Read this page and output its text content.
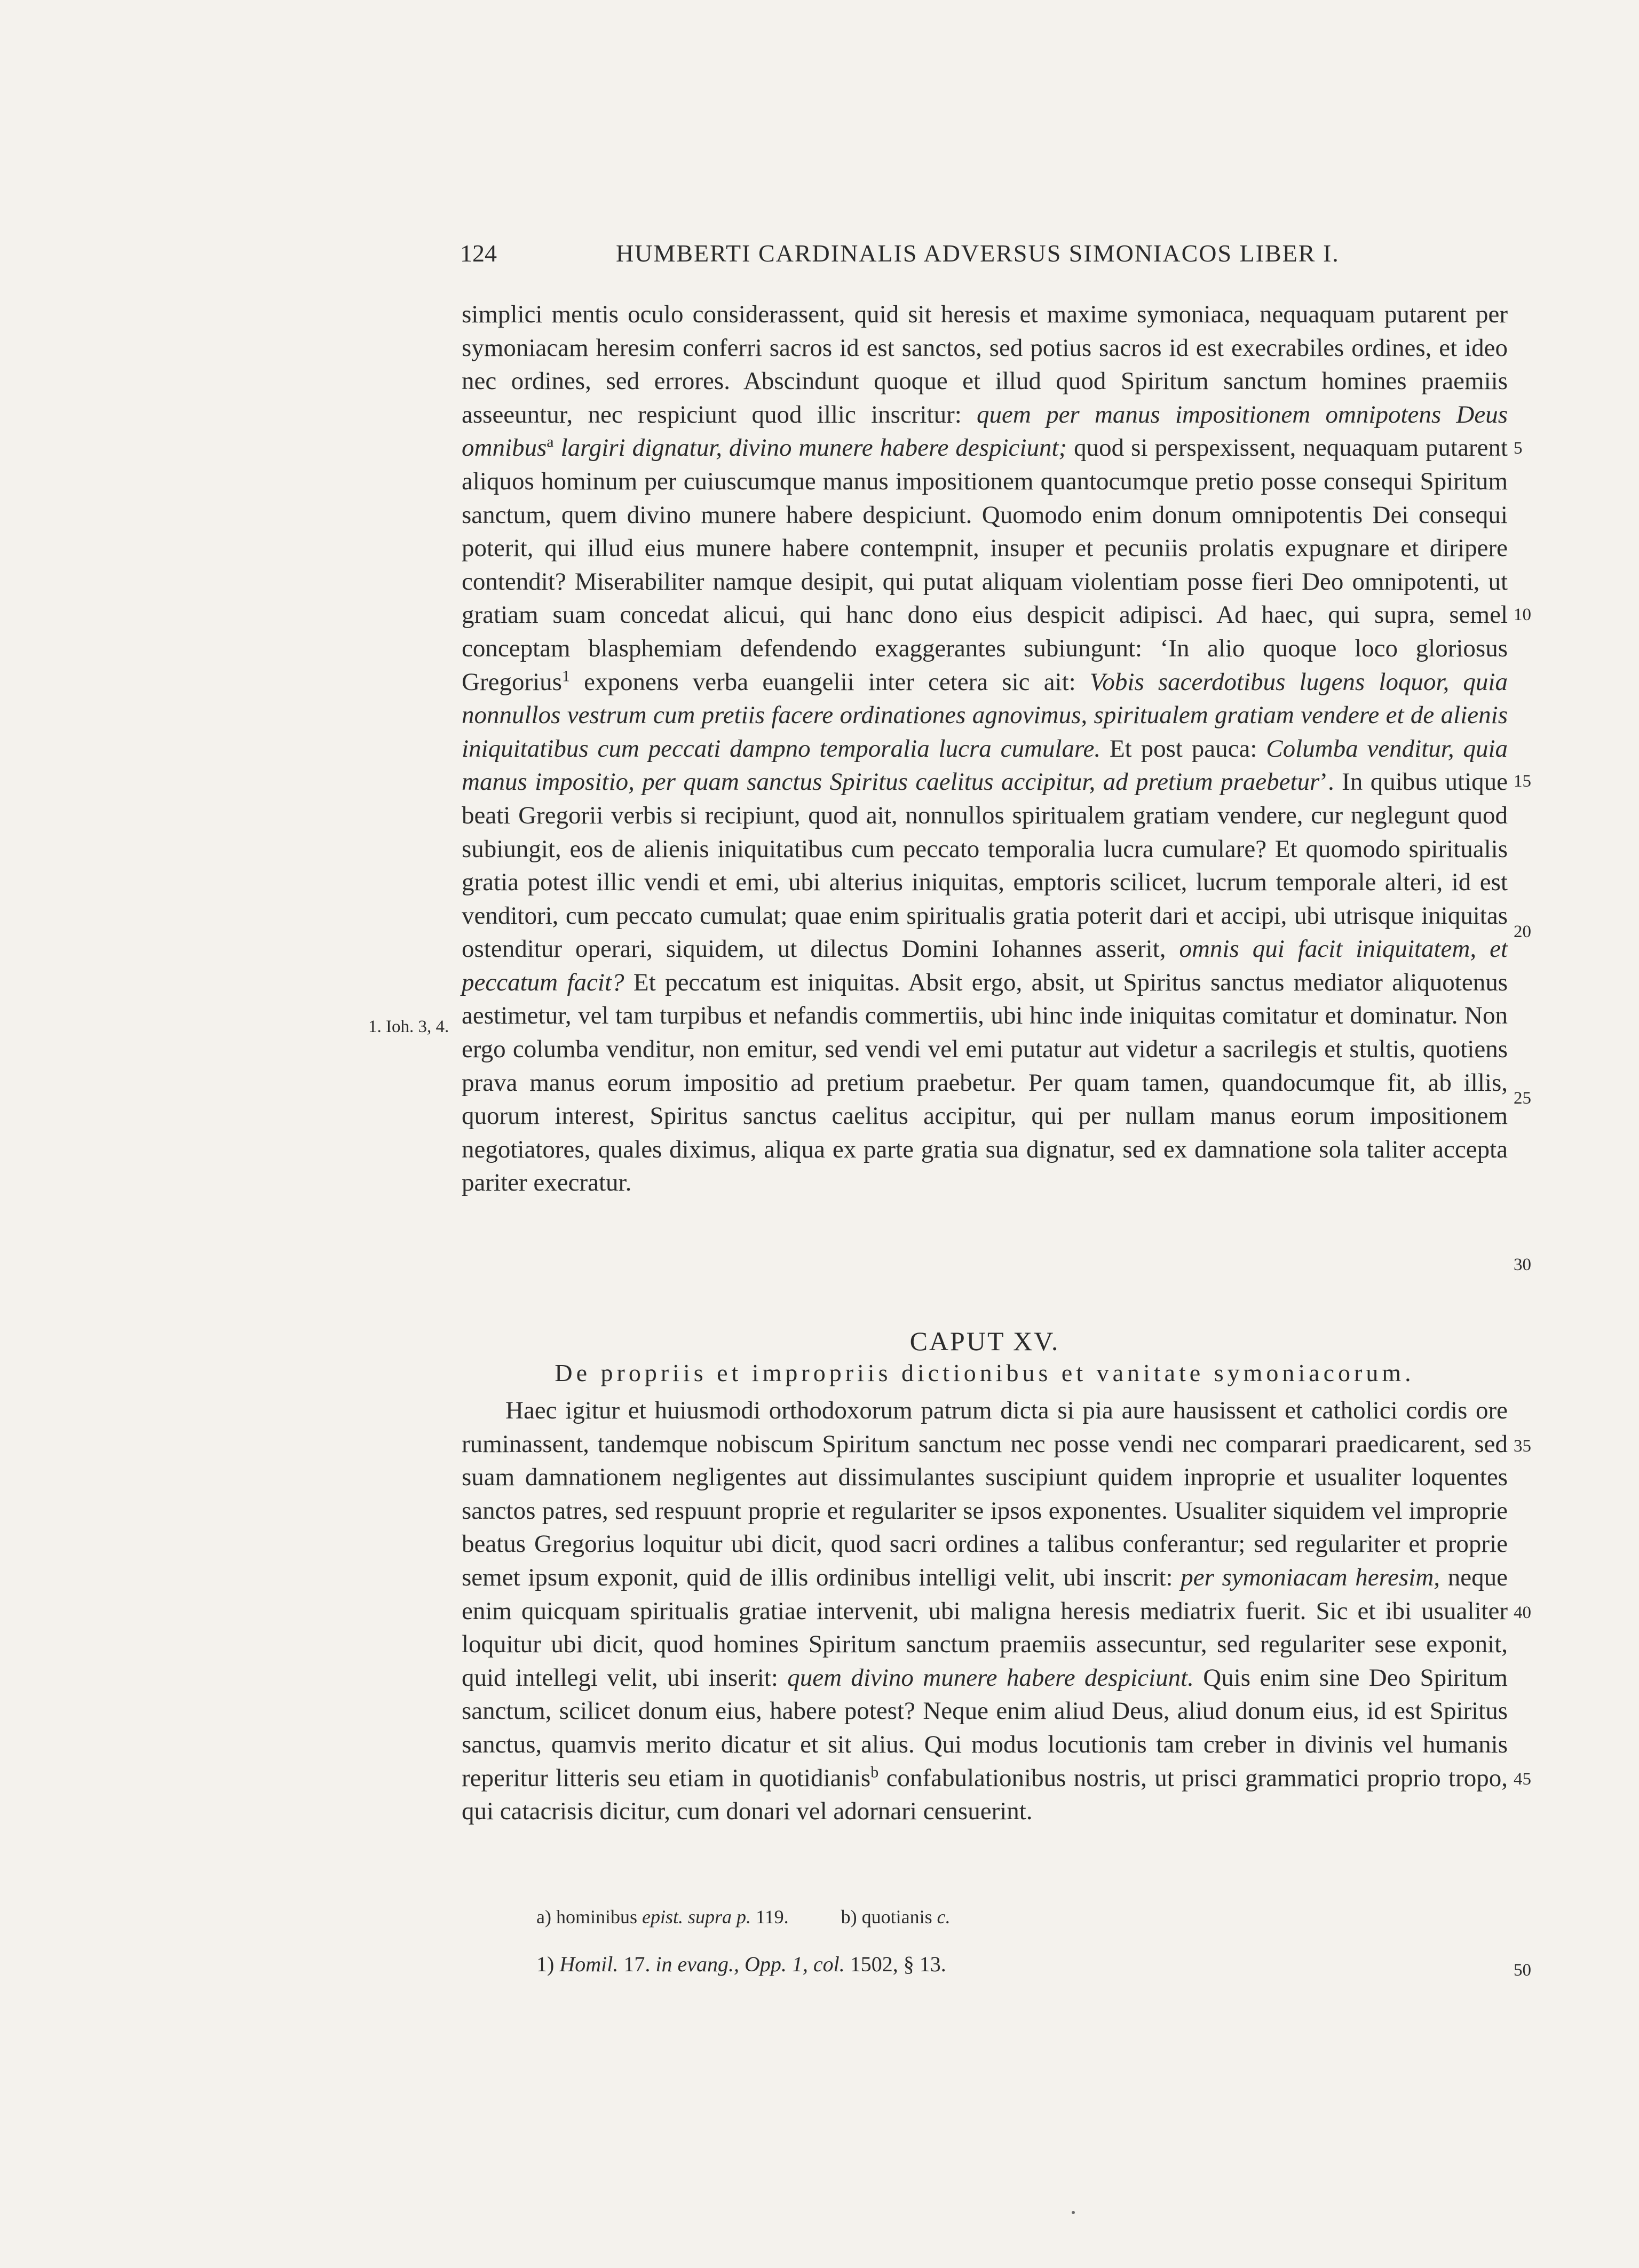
124	HUMBERTI CARDINALIS ADVERSUS SIMONIACOS LIBER I.

simplici mentis oculo considerassent, quid sit heresis et maxime symoniaca, nequaquam putarent per symoniacam heresim conferri sacros id est sanctos, sed potius sacros id est execrabiles ordines, et ideo nec ordines, sed errores. Abscindunt quoque et illud quod Spiritum sanctum homines praemiis asseeuntur, nec respiciunt quod illic inscritur: quem per manus impositionem omnipotens Deus omnibus$^a$ largiri dignatur, divino munere habere despiciunt; quod si perspexissent, nequaquam putarent aliquos hominum per cuiuscumque manus impositionem quantocumque pretio posse consequi Spiritum sanctum, quem divino munere habere despiciunt. Quomodo enim donum omnipotentis Dei consequi poterit, qui illud eius munere habere contempnit, insuper et pecuniis prolatis expugnare et diripere contendit? Miserabiliter namque desipit, qui putat aliquam violentiam posse fieri Deo omnipotenti, ut gratiam suam concedat alicui, qui hanc dono eius despicit adipisci. Ad haec, qui supra, semel conceptam blasphemiam defendendo exaggerantes subiungunt: ‘In alio quoque loco gloriosus Gregorius$^1$ exponens verba euangelii inter cetera sic ait: Vobis sacerdotibus lugens loquor, quia nonnullos vestrum cum pretiis facere ordinationes agnovimus, spiritualem gratiam vendere et de alienis iniquitatibus cum peccati dampno temporalia lucra cumulare. Et post pauca: Columba venditur, quia manus impositio, per quam sanctus Spiritus caelitus accipitur, ad pretium praebetur’. In quibus utique beati Gregorii verbis si recipiunt, quod ait, nonnullos spiritualem gratiam vendere, cur neglegunt quod subiungit, eos de alienis iniquitatibus cum peccato temporalia lucra cumulare? Et quomodo spiritualis gratia potest illic vendi et emi, ubi alterius iniquitas, emptoris scilicet, lucrum temporale alteri, id est venditori, cum peccato cumulat; quae enim spiritualis gratia poterit dari et accipi, ubi utrisque iniquitas ostenditur operari, siquidem, ut dilectus Domini Iohannes asserit, omnis qui facit iniquitatem, et peccatum facit? Et peccatum est iniquitas. Absit ergo, absit, ut Spiritus sanctus mediator aliquotenus aestimetur, vel tam turpibus et nefandis commertiis, ubi hinc inde iniquitas comitatur et dominatur. Non ergo columba venditur, non emitur, sed vendi vel emi putatur aut videtur a sacrilegis et stultis, quotiens prava manus eorum impositio ad pretium praebetur. Per quam tamen, quandocumque fit, ab illis, quorum interest, Spiritus sanctus caelitus accipitur, qui per nullam manus eorum impositionem negotiatores, quales diximus, aliqua ex parte gratia sua dignatur, sed ex damnatione sola taliter accepta pariter execratur.

1. Ioh. 3, 4.
CAPUT XV.
De propriis et impropriis dictionibus et vanitate symoniacorum.

Haec igitur et huiusmodi orthodoxorum patrum dicta si pia aure hausissent et catholici cordis ore ruminassent, tandemque nobiscum Spiritum sanctum nec posse vendi nec comparari praedicarent, sed suam damnationem negligentes aut dissimulantes suscipiunt quidem inproprie et usualiter loquentes sanctos patres, sed respuunt proprie et regulariter se ipsos exponentes. Usualiter siquidem vel improprie beatus Gregorius loquitur ubi dicit, quod sacri ordines a talibus conferantur; sed regulariter et proprie semet ipsum exponit, quid de illis ordinibus intelligi velit, ubi inscrit: per symoniacam heresim, neque enim quicquam spiritualis gratiae intervenit, ubi maligna heresis mediatrix fuerit. Sic et ibi usualiter loquitur ubi dicit, quod homines Spiritum sanctum praemiis assecuntur, sed regulariter sese exponit, quid intellegi velit, ubi inserit: quem divino munere habere despiciunt. Quis enim sine Deo Spiritum sanctum, scilicet donum eius, habere potest? Neque enim aliud Deus, aliud donum eius, id est Spiritus sanctus, quamvis merito dicatur et sit alius. Qui modus locutionis tam creber in divinis vel humanis reperitur litteris seu etiam in quotidianis$^b$ confabulationibus nostris, ut prisci grammatici proprio tropo, qui catacrisis dicitur, cum donari vel adornari censuerint.

5
10
15
20
25
30
35
40
45
50
a) hominibus epist. supra p. 119.	b) quotianis c.
1) Homil. 17. in evang., Opp. 1, col. 1502, § 13.
